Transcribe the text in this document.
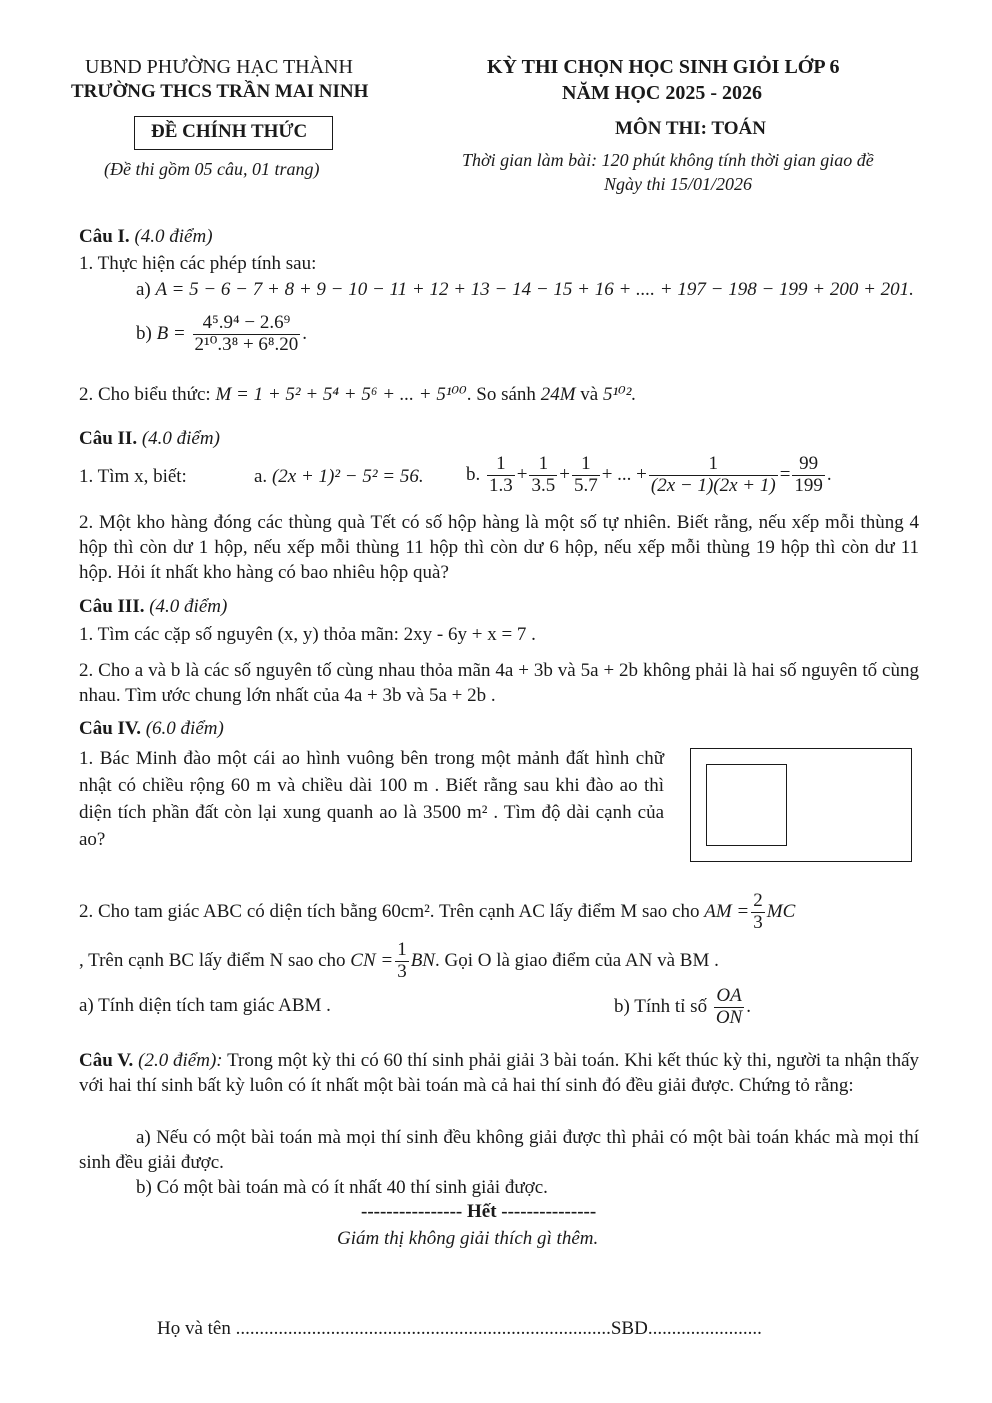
UBND PHƯỜNG HẠC THÀNH
TRƯỜNG THCS TRẦN MAI NINH
ĐỀ CHÍNH THỨC
(Đề thi gồm 05 câu, 01 trang)
KỲ THI CHỌN HỌC SINH GIỎI LỚP 6
NĂM HỌC 2025 - 2026
MÔN THI: TOÁN
Thời gian làm bài: 120 phút không tính thời gian giao đề
Ngày thi 15/01/2026
Câu I. (4.0 điểm)
1. Thực hiện các phép tính sau:
a) A = 5 − 6 − 7 + 8 + 9 − 10 − 11 + 12 + 13 − 14 − 15 + 16 + .... + 197 − 198 − 199 + 200 + 201.
b) $B = \frac{\text{4⁵.9⁴ − 2.6⁹}}{\text{2¹⁰.3⁸ + 6⁸.20}}$ .
2. Cho biểu thức: M = 1 + 5² + 5⁴ + 5⁶ + ... + 5¹⁰⁰. So sánh 24M và 5¹⁰².
Câu II. (4.0 điểm)
1. Tìm x, biết:	a. (2x + 1)² − 5² = 56. b. $\frac{1}{1.3} + \frac{1}{3.5} + \frac{1}{5.7}$ + ... + $\frac{1}{(2x - 1)(2x + 1)} = \frac{99}{199}$ .
2. Một kho hàng đóng các thùng quà Tết có số hộp hàng là một số tự nhiên. Biết rằng, nếu xếp mỗi thùng 4 hộp thì còn dư 1 hộp, nếu xếp mỗi thùng 11 hộp thì còn dư 6 hộp, nếu xếp mỗi thùng 19 hộp thì còn dư 11 hộp. Hỏi ít nhất kho hàng có bao nhiêu hộp quà?
Câu III. (4.0 điểm)
1. Tìm các cặp số nguyên (x, y) thỏa mãn: 2xy - 6y + x = 7 .
2. Cho a và b là các số nguyên tố cùng nhau thỏa mãn 4a + 3b và 5a + 2b không phải là hai số nguyên tố cùng nhau. Tìm ước chung lớn nhất của 4a + 3b và 5a + 2b .
Câu IV. (6.0 điểm)
1. Bác Minh đào một cái ao hình vuông bên trong một mảnh đất hình chữ nhật có chiều rộng 60 m và chiều dài 100 m . Biết rằng sau khi đào ao thì diện tích phần đất còn lại xung quanh ao là 3500 m² . Tìm độ dài cạnh của ao?
2. Cho tam giác ABC có diện tích bằng 60cm². Trên cạnh AC lấy điểm M sao cho AM = $\frac{2}{3}$ MC
, Trên cạnh BC lấy điểm N sao cho CN = $\frac{1}{3}$ BN. Gọi O là giao điểm của AN và BM .
a) Tính diện tích tam giác ABM .	b) Tính tỉ số $\frac{OA}{ON}$ .
Câu V. (2.0 điểm): Trong một kỳ thi có 60 thí sinh phải giải 3 bài toán. Khi kết thúc kỳ thi, người ta nhận thấy với hai thí sinh bất kỳ luôn có ít nhất một bài toán mà cả hai thí sinh đó đều giải được. Chứng tỏ rằng:
a) Nếu có một bài toán mà mọi thí sinh đều không giải được thì phải có một bài toán khác mà mọi thí sinh đều giải được.
b) Có một bài toán mà có ít nhất 40 thí sinh giải được.
---------------- Hết ---------------
Giám thị không giải thích gì thêm.
Họ và tên ...............................................................................SBD........................
